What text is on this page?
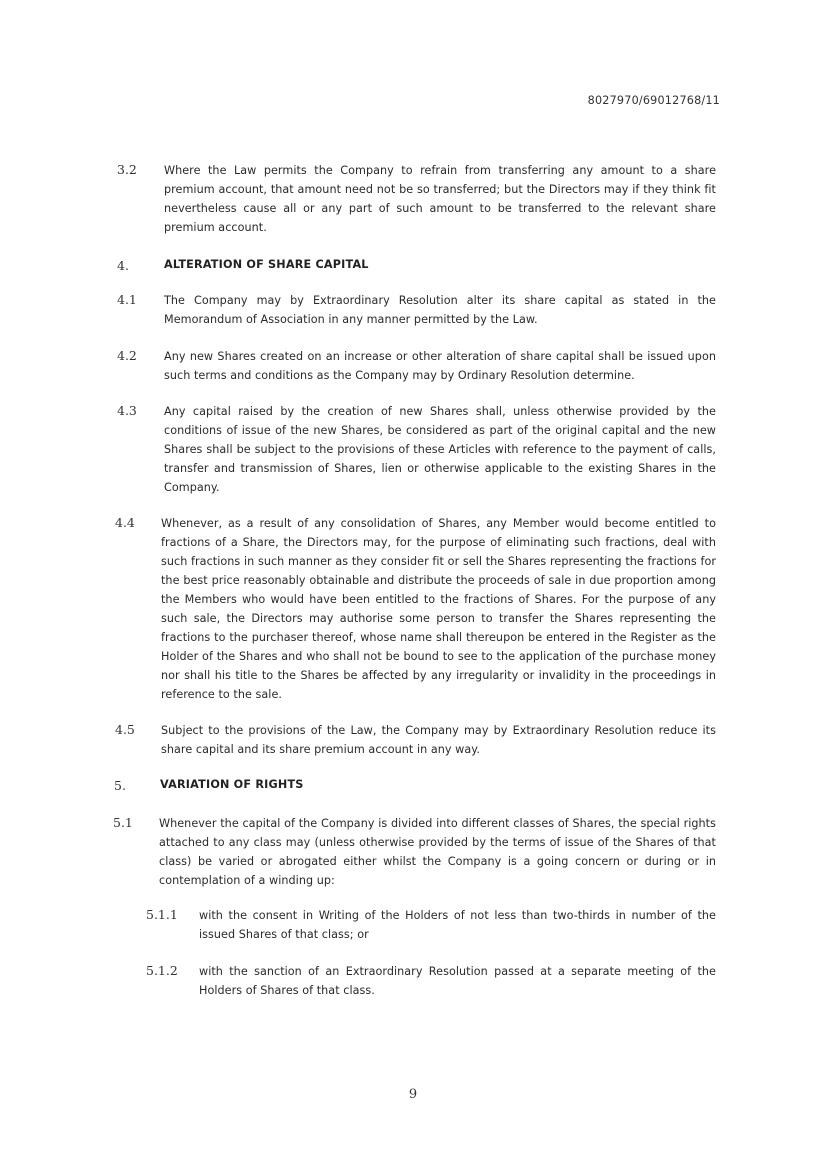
8027970/69012768/11
3.2 Where the Law permits the Company to refrain from transferring any amount to a share premium account, that amount need not be so transferred; but the Directors may if they think fit nevertheless cause all or any part of such amount to be transferred to the relevant share premium account.
4.	ALTERATION OF SHARE CAPITAL
4.1 The Company may by Extraordinary Resolution alter its share capital as stated in the Memorandum of Association in any manner permitted by the Law.
4.2 Any new Shares created on an increase or other alteration of share capital shall be issued upon such terms and conditions as the Company may by Ordinary Resolution determine.
4.3 Any capital raised by the creation of new Shares shall, unless otherwise provided by the conditions of issue of the new Shares, be considered as part of the original capital and the new Shares shall be subject to the provisions of these Articles with reference to the payment of calls, transfer and transmission of Shares, lien or otherwise applicable to the existing Shares in the Company.
4.4 Whenever, as a result of any consolidation of Shares, any Member would become entitled to fractions of a Share, the Directors may, for the purpose of eliminating such fractions, deal with such fractions in such manner as they consider fit or sell the Shares representing the fractions for the best price reasonably obtainable and distribute the proceeds of sale in due proportion among the Members who would have been entitled to the fractions of Shares. For the purpose of any such sale, the Directors may authorise some person to transfer the Shares representing the fractions to the purchaser thereof, whose name shall thereupon be entered in the Register as the Holder of the Shares and who shall not be bound to see to the application of the purchase money nor shall his title to the Shares be affected by any irregularity or invalidity in the proceedings in reference to the sale.
4.5 Subject to the provisions of the Law, the Company may by Extraordinary Resolution reduce its share capital and its share premium account in any way.
5.	VARIATION OF RIGHTS
5.1 Whenever the capital of the Company is divided into different classes of Shares, the special rights attached to any class may (unless otherwise provided by the terms of issue of the Shares of that class) be varied or abrogated either whilst the Company is a going concern or during or in contemplation of a winding up:
5.1.1 with the consent in Writing of the Holders of not less than two-thirds in number of the issued Shares of that class; or
5.1.2 with the sanction of an Extraordinary Resolution passed at a separate meeting of the Holders of Shares of that class.
9
